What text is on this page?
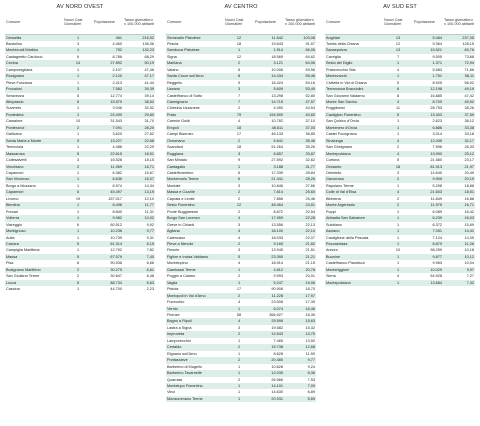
AV NORD OVEST
Comune	Nuovi Casi Giornalieri	Popolazione	Tasso giornaliero x 100.000 abitanti
Gessetta	1	461	216,92
Bardolino	3	4.460	136,36
Montevuoli Martino	1	752	132,23
Castagnetto Carducci	6	8.786	68,29
Cecina	14	27.892	50,19
Campomigliana	1	2.107	47,46
Rosignano	1	2.120	47,17
Pieve Fosciana	1	2.413	41,44
Porcaioni	3	7.582	39,39
Seravezza	5	12.774	39,14
Altopascio	6	15.579	38,52
Suvereto	1	3.046	32,52
Pontedera	1	23.490	29,80
Camaiore	10	31.543	31,70
Ponteronol	2	7.091	28,20
Gallicano	1	3.620	27,62
Santa Maria a Monte	3	13.227	22,68
Terricciola	1	4.486	22,29
Massarosa	5	22.615	18,51
Collesalvetti	3	16.528	18,15
Vecchiano	2	11.969	16,71
Capannori	1	6.382	15,67
San Vincenzo	1	6.636	15,07
Borgo a Mozzano	1	6.974	14,34
Capannori	6	45.497	13,19
Livorno	19	157.017	12,10
Bientina	1	8.496	11,77
Porcari	1	8.840	11,31
Volterra	1	9.982	10,02
Viareggio	6	60.512	9,92
Montignoso	1	10.236	9,77
Aulla	1	10.739	9,31
Carrara	5	61.314	8,15
Campiglia Marittima	1	12.792	7,82
Massa	5	67.579	7,40
Pisa	6	90.536	6,66
Bosignano Marittimo	2	30.275	6,61
San Giuliano Terme	2	30.847	6,48
Lucca	5	88.734	5,63
Cascina	1	44.700	2,23
AV CENTRO
Comune	Nuovi Casi Giornalieri	Popolazione	Tasso giornaliero x 100.000 abitanti
Serravalle Pistoiese	12	11.642	103,08
Pescia	18	19.643	91,57
Sambuca Pistoiese	1	1.514	66,05
Signa	12	18.569	64,62
Marliana	2	3.121	64,06
Vaiano	5	10.006	59,96
Santa Croce sull'Arno	8	14.434	55,46
Reggello	9	16.424	54,16
Uzzano	3	5.609	53,49
Castelfranco di Sotto	7	13.298	52,80
Carmignano	7	14.715	47,57
Chiesina Uzzanese	2	4.490	44,54
Prato	79	194.590	40,60
Carmini Guidi	4	10.782	37,10
Empoli	18	48.611	37,03
Campi Bisenzio	17	46.133	36,85
Orzomano	2	5.641	35,46
Scandicci	18	51.264	35,26
Ruggiana	3	8.857	33,87
San Miniato	9	27.592	32,62
Cantagallo	1	3.188	31,77
Castelfiorentino	6	17.339	28,84
Montemurlo Terme	6	21.341	28,26
Montale	3	10.846	27,66
Massa e Cozzile	2	7.814	25,60
Capraia e Limite	2	7.856	25,46
Sesto Fiorentino	12	48.464	24,51
Ponte Buggianese	2	8.872	22,54
Borgo San Lorenzo	4	17.959	22,28
Greve in Chianti	3	13.556	22,13
Agliana	4	18.100	22,10
Calenzano	4	18.033	22,07
Pieve a Nievole	2	9.165	21,82
Fiesole	3	13.945	21,51
Figline e Incisa Valdarno	5	23.390	21,21
Montelupino	4	18.914	21,15
Gambassi Terme	1	4.812	20,78
Poggio a Caiano	2	9.993	20,01
Vaglia	1	5.247	19,06
Pistoia	17	90.906	18,70
Montopoli in Val d'Arno	2	11.228	17,97
Fucecchio	4	23.908	17,39
Vernio	1	6.074	16,46
Firenze	58	366.927	16,35
Bagno a Ripoli	4	25.596	15,63
Lastra a Signa	3	19.582	15,32
Impruneta	2	14.543	13,75
Lamporecchio	1	7.465	13,50
Certaldo	2	15.738	12,68
Rignano sull'Arno	1	8.628	11,59
Pontassieve	2	20.480	9,77
Barberino di Mugello	1	10.828	9,24
Barberino Tavarnelle	1	12.035	8,36
Quarrata	2	26.566	7,53
Montelupo Fiorentino	1	14.101	7,09
Vinci	1	14.630	6,89
Monsummano Terme	1	20.931	5,69
AV SUD EST
Comune	Nuovi Casi Giornalieri	Popolazione	Tasso giornaliero x 100.000 abitanti
Anghiari	13	5.484	237,05
Torrita della Chiana	12	9.364	128,15
Sansepolcro	13	15.521	83,76
Cavriglia	7	9.505	73,68
Sesto del Diglio	1	1.371	72,94
Pratovecchio Stia	4	5.583	71,66
Montevarchi	1	1.751	58,11
Civitella in Val di Chiana	5	8.925	56,02
Terranuova Bracciolini	6	12.198	49,19
San Giovanni Valdarno	8	16.885	47,42
Monte San Savino	4	8.709	45,92
Poggibonsi	11	28.753	38,26
Castiglion Fiorentino	5	13.303	37,59
San Quirico d'Orcia	1	2.623	38,12
Montenero d'Orcia	1	6.886	33,38
Castel Focognano	1	3.014	33,18
Sinalunga	4	12.435	32,17
San Gimignano	2	7.596	26,33
Montepulciano	4	13.990	25,12
Cortona	5	21.580	23,17
Grosseto	18	81.913	21,97
Orbetello	3	14.640	20,49
Gavorrano	2	9.905	20,19
Rapolano Terme	1	5.298	18,88
Colle di Val d'Elsa	4	21.603	18,51
Bibbiena	2	11.849	16,88
Monte Argentario	2	11.975	16,71
Poppi	1	6.089	16,42
Abbadia San Salvatore	1	6.239	16,03
Subbiano	1	6.372	15,69
Ascianо	1	7.051	14,41
Castiglione della Pescaia	1	7.124	14,05
Roccastrada	1	8.879	11,26
Arezzo	10	98.259	10,18
Buonine	1	9.877	10,12
Castelfranco Piandiscò	1	9.963	10,04
Monteriggioni	1	10.029	9,97
Siena	4	54.928	7,27
Montepulciano	1	13.684	7,32
